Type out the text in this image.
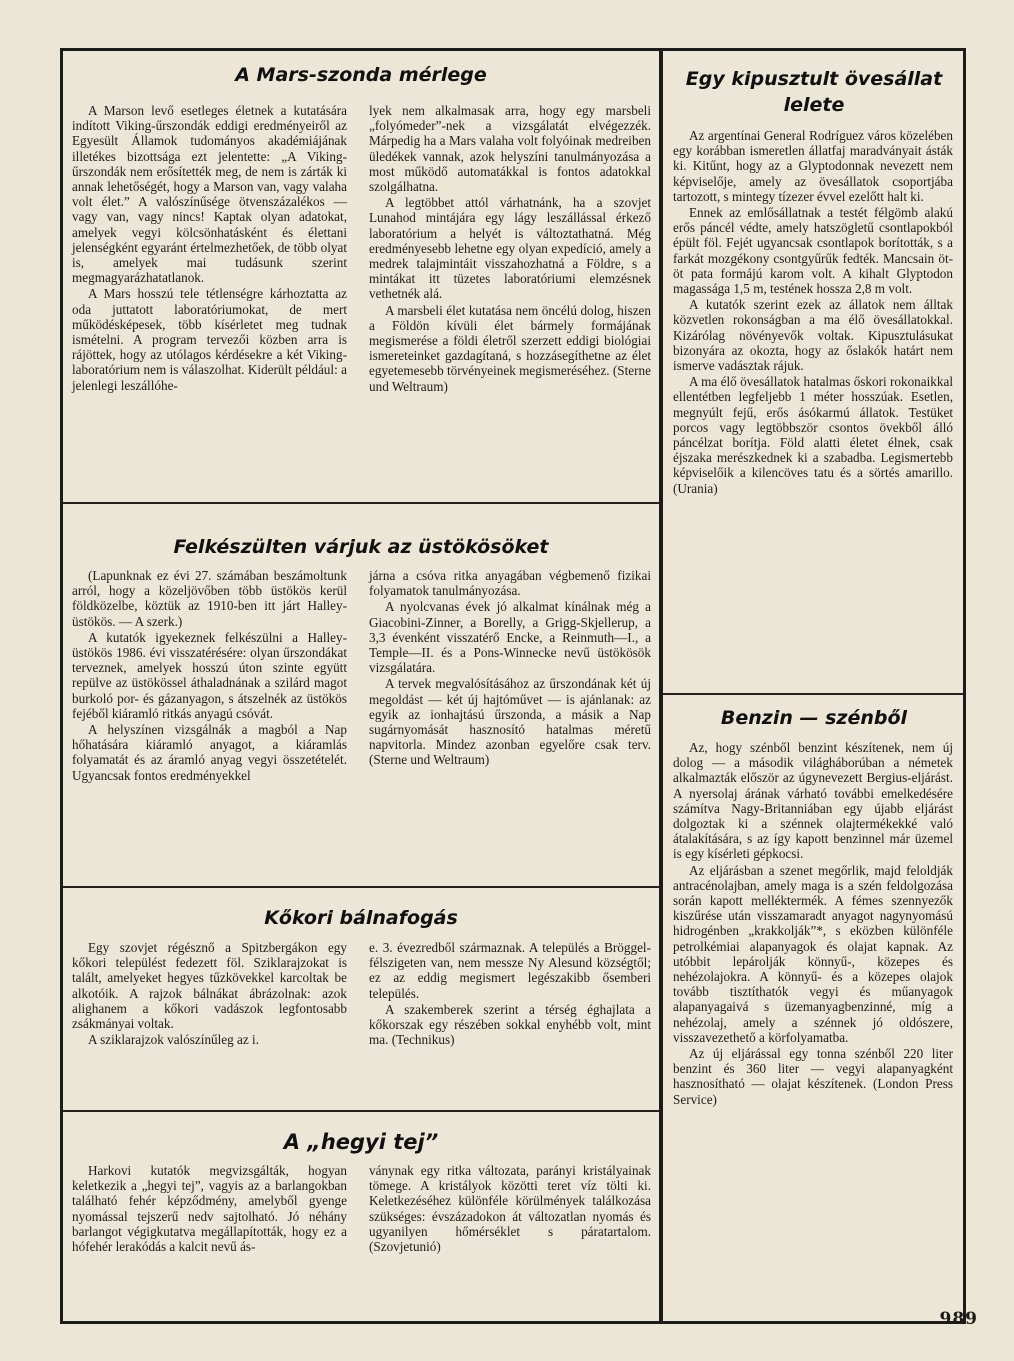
A Mars-szonda mérlege

A Marson levő esetleges életnek a kutatására indított Viking-űrszondák eddigi eredményeiről az Egyesült Államok tudományos akadémiájának illetékes bizottsága ezt jelentette: „A Viking-űrszondák nem erősítették meg, de nem is zárták ki annak lehetőségét, hogy a Marson van, vagy valaha volt élet.” A valószínűsége ötvenszázalékos — vagy van, vagy nincs! Kaptak olyan adatokat, amelyek vegyi kölcsönhatásként és élettani jelenségként egyaránt értelmezhetőek, de több olyat is, amelyek mai tudásunk szerint megmagyarázhatatlanok.

A Mars hosszú tele tétlenségre kárhoztatta az oda juttatott laboratóriumokat, de mert működésképesek, több kísérletet meg tudnak ismételni. A program tervezői közben arra is rájöttek, hogy az utólagos kérdésekre a két Viking-laboratórium nem is válaszolhat. Kiderült például: a jelenlegi leszállóhe-

lyek nem alkalmasak arra, hogy egy marsbeli „folyómeder”-nek a vizsgálatát elvégezzék. Márpedig ha a Mars valaha volt folyóinak medreiben üledékek vannak, azok helyszíni tanulmányozása a most működő automatákkal is fontos adatokkal szolgálhatna.

A legtöbbet attól várhatnánk, ha a szovjet Lunahod mintájára egy lágy leszállással érkező laboratórium a helyét is változtathatná. Még eredményesebb lehetne egy olyan expedíció, amely a medrek talajmintáit visszahozhatná a Földre, s a mintákat itt tüzetes laboratóriumi elemzésnek vethetnék alá.

A marsbeli élet kutatása nem öncélú dolog, hiszen a Földön kívüli élet bármely formájának megismerése a földi életről szerzett eddigi biológiai ismereteinket gazdagítaná, s hozzásegíthetne az élet egyetemesebb törvényeinek megismeréséhez. (Sterne und Weltraum)

Felkészülten várjuk az üstökösöket

(Lapunknak ez évi 27. számában beszámoltunk arról, hogy a közeljövőben több üstökös kerül földközelbe, köztük az 1910-ben itt járt Halley-üstökös. — A szerk.)

A kutatók igyekeznek felkészülni a Halley-üstökös 1986. évi visszatérésére: olyan űrszondákat terveznek, amelyek hosszú úton szinte együtt repülve az üstökössel áthaladnának a szilárd magot burkoló por- és gázanyagon, s átszelnék az üstökös fejéből kiáramló ritkás anyagú csóvát.

A helyszínen vizsgálnák a magból a Nap hőhatására kiáramló anyagot, a kiáramlás folyamatát és az áramló anyag vegyi összetételét. Ugyancsak fontos eredményekkel

járna a csóva ritka anyagában végbemenő fizikai folyamatok tanulmányozása.

A nyolcvanas évek jó alkalmat kínálnak még a Giacobini-Zinner, a Borelly, a Grigg-Skjellerup, a 3,3 évenként visszatérő Encke, a Reinmuth—I., a Temple—II. és a Pons-Winnecke nevű üstökösök vizsgálatára.

A tervek megvalósításához az űrszondának két új megoldást — két új hajtóművet — is ajánlanak: az egyik az ionhajtású űrszonda, a másik a Nap sugárnyomását hasznosító hatalmas méretű napvitorla. Mindez azonban egyelőre csak terv. (Sterne und Weltraum)

Kőkori bálnafogás

Egy szovjet régésznő a Spitzbergákon egy kőkori települést fedezett föl. Sziklarajzokat is talált, amelyeket hegyes tűzkövekkel karcoltak be alkotóik. A rajzok bálnákat ábrázolnak: azok alighanem a kőkori vadászok legfontosabb zsákmányai voltak.

A sziklarajzok valószínűleg az i.

e. 3. évezredből származnak. A település a Bröggel-félszigeten van, nem messze Ny Alesund községtől; ez az eddig megismert legészakibb ősemberi település.

A szakemberek szerint a térség éghajlata a kőkorszak egy részében sokkal enyhébb volt, mint ma. (Technikus)

A „hegyi tej”

Harkovi kutatók megvizsgálták, hogyan keletkezik a „hegyi tej”, vagyis az a barlangokban található fehér képződmény, amelyből gyenge nyomással tejszerű nedv sajtolható. Jó néhány barlangot végigkutatva megállapították, hogy ez a hófehér lerakódás a kalcit nevű ás-

ványnak egy ritka változata, parányi kristályainak tömege. A kristályok közötti teret víz tölti ki. Keletkezéséhez különféle körülmények találkozása szükséges: évszázadokon át változatlan nyomás és ugyanilyen hőmérséklet s páratartalom. (Szovjetunió)

Egy kipusztult övesállat lelete

Az argentínai General Rodríguez város közelében egy korábban ismeretlen állatfaj maradványait ásták ki. Kitűnt, hogy az a Glyptodonnak nevezett nem képviselője, amely az övesállatok csoportjába tartozott, s mintegy tízezer évvel ezelőtt halt ki.

Ennek az emlősállatnak a testét félgömb alakú erős páncél védte, amely hatszögletű csontlapokból épült föl. Fejét ugyancsak csontlapok borították, s a farkát mozgékony csontgyűrűk fedték. Mancsain öt-öt pata formájú karom volt. A kihalt Glyptodon magassága 1,5 m, testének hossza 2,8 m volt.

A kutatók szerint ezek az állatok nem álltak közvetlen rokonságban a ma élő övesállatokkal. Kizárólag növényevők voltak. Kipusztulásukat bizonyára az okozta, hogy az őslakók határt nem ismerve vadásztak rájuk.

A ma élő övesállatok hatalmas őskori rokonaikkal ellentétben legfeljebb 1 méter hosszúak. Esetlen, megnyúlt fejű, erős ásókarmú állatok. Testüket porcos vagy legtöbbször csontos övekből álló páncélzat borítja. Föld alatti életet élnek, csak éjszaka merészkednek ki a szabadba. Legismertebb képviselőik a kilencöves tatu és a sörtés amarillo. (Urania)

Benzin — szénből

Az, hogy szénből benzint készítenek, nem új dolog — a második világháborúban a németek alkalmazták először az úgynevezett Bergius-eljárást. A nyersolaj árának várható további emelkedésére számítva Nagy-Britanniában egy újabb eljárást dolgoztak ki a szénnek olajtermékekké való átalakítására, s az így kapott benzinnel már üzemel is egy kísérleti gépkocsi.

Az eljárásban a szenet megőrlik, majd feloldják antracénolajban, amely maga is a szén feldolgozása során kapott melléktermék. A fémes szennyezők kiszűrése után visszamaradt anyagot nagynyomású hidrogénben „krakkolják”*, s eközben különféle petrolkémiai alapanyagok és olajat kapnak. Az utóbbit lepárolják könnyű-, közepes és nehézolajokra. A könnyű- és a közepes olajok tovább tisztíthatók vegyi és műanyagok alapanyagaivá s üzemanyagbenzinné, míg a nehézolaj, amely a szénnek jó oldószere, visszavezethető a körfolyamatba.

Az új eljárással egy tonna szénből 220 liter benzint és 360 liter — vegyi alapanyagként hasznosítható — olajat készítenek. (London Press Service)

989
